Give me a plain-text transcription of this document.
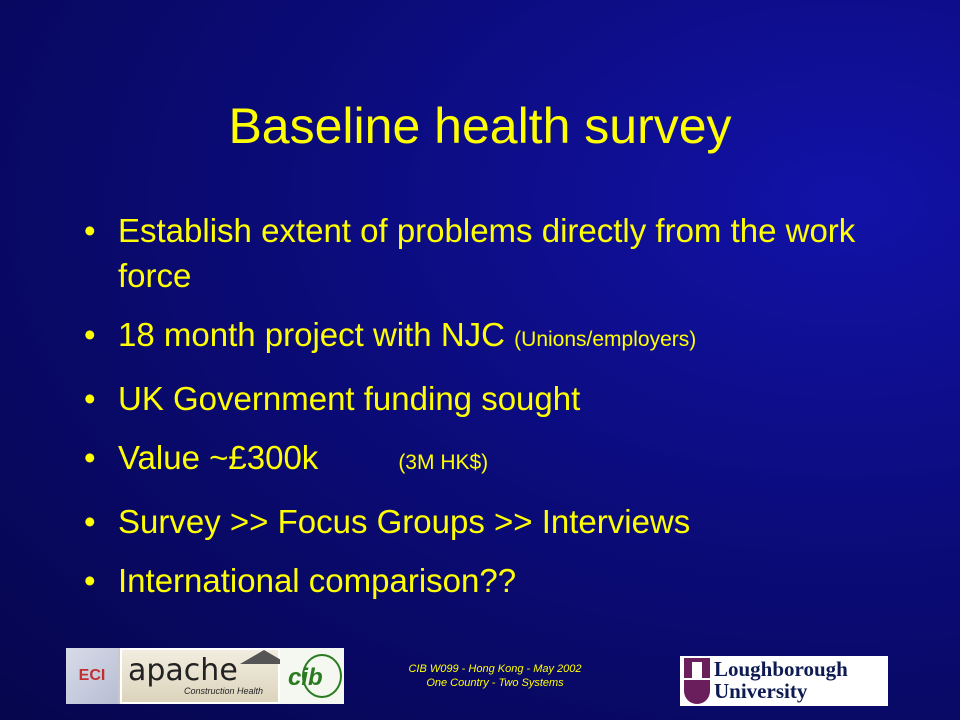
Baseline health survey
• Establish extent of problems directly from the work force
• 18 month project with NJC (Unions/employers)
• UK Government funding sought
• Value ~£300k	(3M HK$)
• Survey >> Focus Groups >> Interviews
• International comparison??
ECI apache
Construction Health cib	CIB W099 - Hong Kong - May 2002
One Country - Two Systems
Loughborough
University
